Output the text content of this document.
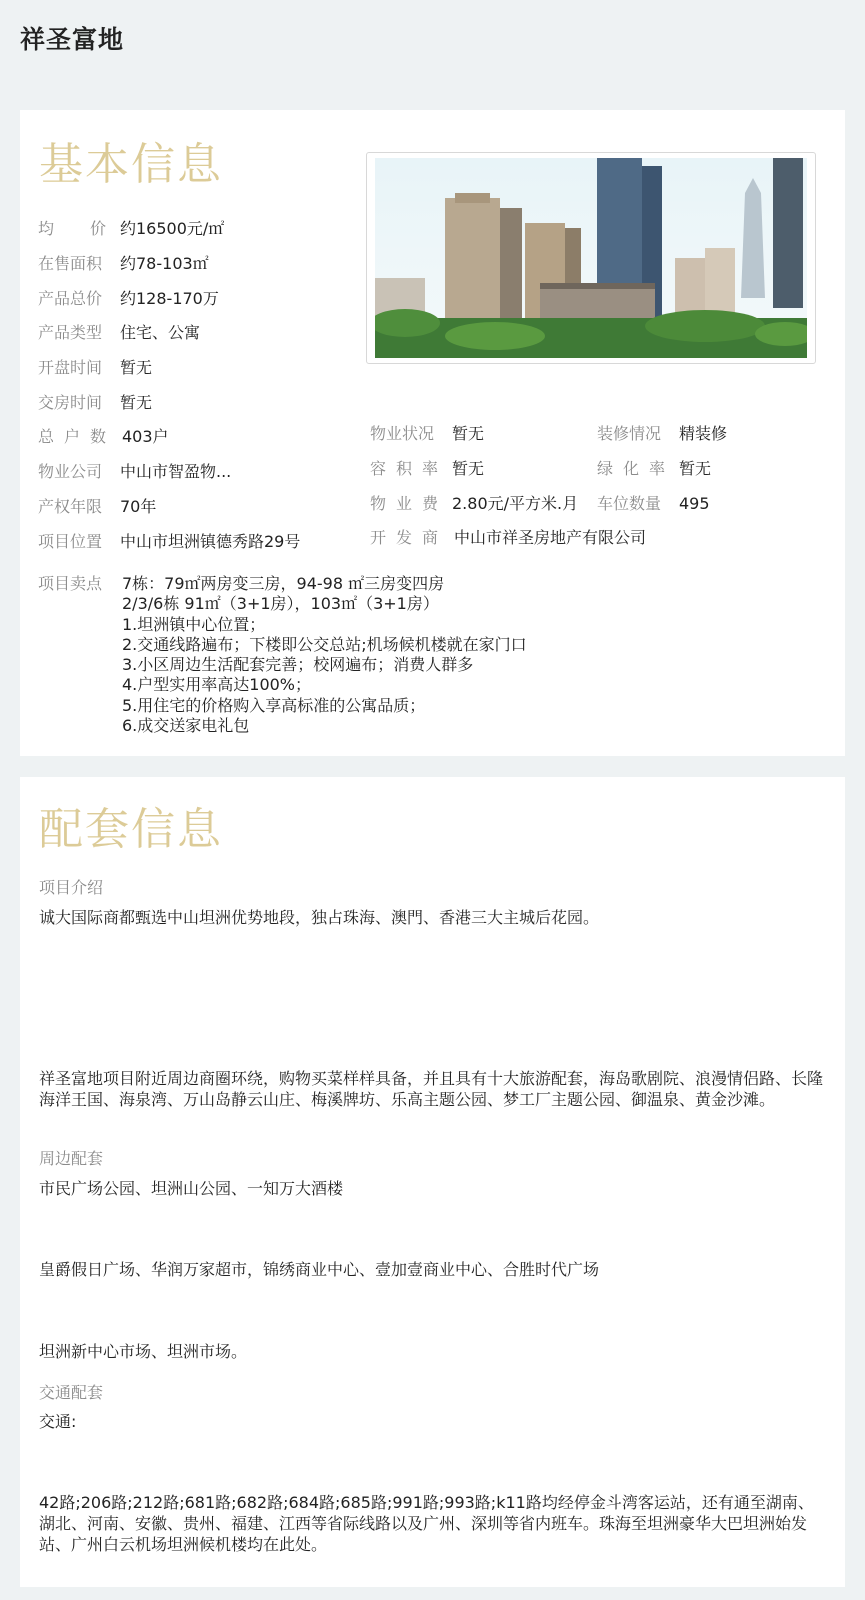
祥圣富地
基本信息
均价 约16500元/㎡
在售面积 约78-103㎡
产品总价 约128-170万
产品类型 住宅、公寓
开盘时间 暂无
交房时间 暂无
总户数 403户
物业公司 中山市智盈物...
产权年限 70年
项目位置 中山市坦洲镇德秀路29号
物业状况 暂无
容积率 暂无
物业费 2.80元/平方米.月
开发商 中山市祥圣房地产有限公司
装修情况 精装修
绿化率 暂无
车位数量 495
项目卖点	7栋：79㎡两房变三房，94-98 ㎡三房变四房
2/3/6栋 91㎡（3+1房），103㎡（3+1房）
1.坦洲镇中心位置；
2.交通线路遍布；下楼即公交总站;机场候机楼就在家门口
3.小区周边生活配套完善；校网遍布；消费人群多
4.户型实用率高达100%；
5.用住宅的价格购入享高标准的公寓品质；
6.成交送家电礼包
配套信息
项目介绍
诚大国际商都甄选中山坦洲优势地段，独占珠海、澳門、香港三大主城后花园。
祥圣富地项目附近周边商圈环绕，购物买菜样样具备，并且具有十大旅游配套，海岛歌剧院、浪漫情侣路、长隆海洋王国、海泉湾、万山岛静云山庄、梅溪牌坊、乐高主题公园、梦工厂主题公园、御温泉、黄金沙滩。
周边配套
市民广场公园、坦洲山公园、一知万大酒楼
皇爵假日广场、华润万家超市，锦绣商业中心、壹加壹商业中心、合胜时代广场
坦洲新中心市场、坦洲市场。
交通配套
交通:
42路;206路;212路;681路;682路;684路;685路;991路;993路;k11路均经停金斗湾客运站，还有通至湖南、湖北、河南、安徽、贵州、福建、江西等省际线路以及广州、深圳等省内班车。珠海至坦洲豪华大巴坦洲始发站、广州白云机场坦洲候机楼均在此处。
